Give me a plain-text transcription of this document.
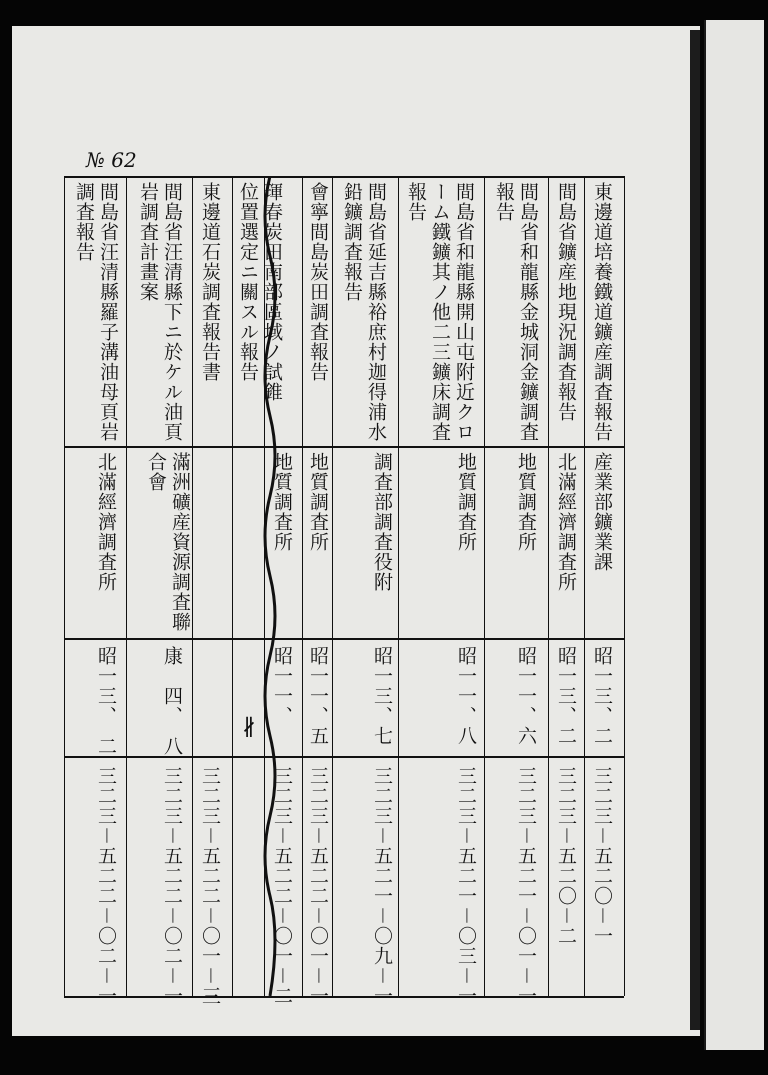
№ 62
東邊道培養鐵道鑛産調査報告
産業部鑛業課
昭一三、二
三二三－五二〇－一
間島省鑛産地現況調査報告
北滿經濟調査所
昭一三、二
三二三－五二〇－二
間島省和龍縣金城洞金鑛調査
報告
地質調査所
昭一一、六
三二三－五二一－〇一－一
間島省和龍縣開山屯附近クロ
ーム鐵鑛其ノ他二三鑛床調査
報告
地質調査所
昭一一、八
三二三－五二一－〇三－一
間島省延吉縣裕庶村迦得浦水
鉛鑛調査報告
調査部調査役附
昭一三、七
三二三－五二一－〇九－一
會寧間島炭田調査報告
地質調査所
昭一一、五
三二三－五二二－〇一－一
琿春炭田南部區域ノ試錐
位置選定ニ關スル報告
地質調査所
昭一一、
三二三－五二二－〇一－二
東邊道石炭調査報告書
三二三－五二二－〇一－三
間島省汪清縣下ニ於ケル油頁
岩調査計畫案
滿洲礦産資源調査聯
合會
康　四、　八
三二三－五二二－〇二－一
間島省汪清縣羅子溝油母頁岩
調査報告
北滿經濟調査所
昭一三、　二
三二三－五二二－〇二－一
∦
